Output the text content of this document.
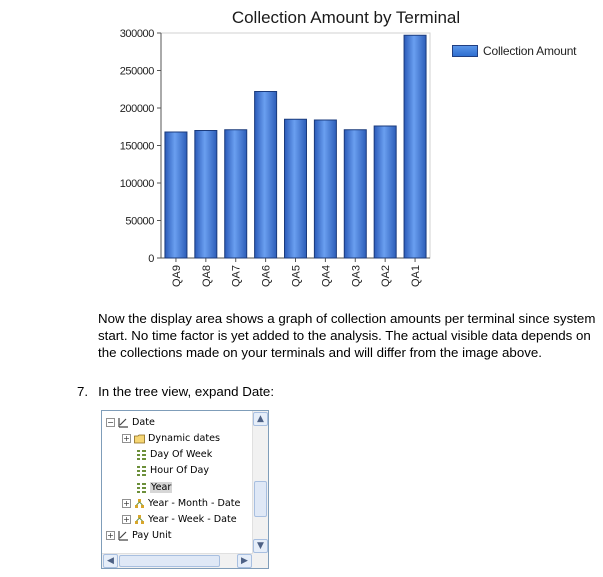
Collection Amount by Terminal
300000
250000
200000
150000
100000
50000
0
QA9 QA8 QA7 QA6 QA5 QA4 QA3 QA2 QA1
Collection Amount
Now the display area shows a graph of collection amounts per terminal since system start. No time factor is yet added to the analysis. The actual visible data depends on the collections made on your terminals and will differ from the image above.
7. In the tree view, expand Date:
− Date
+ Dynamic dates
Day Of Week
Hour Of Day
Year
+ Year - Month - Date
+ Year - Week - Date
+ Pay Unit
▲
▼
◀	▶
